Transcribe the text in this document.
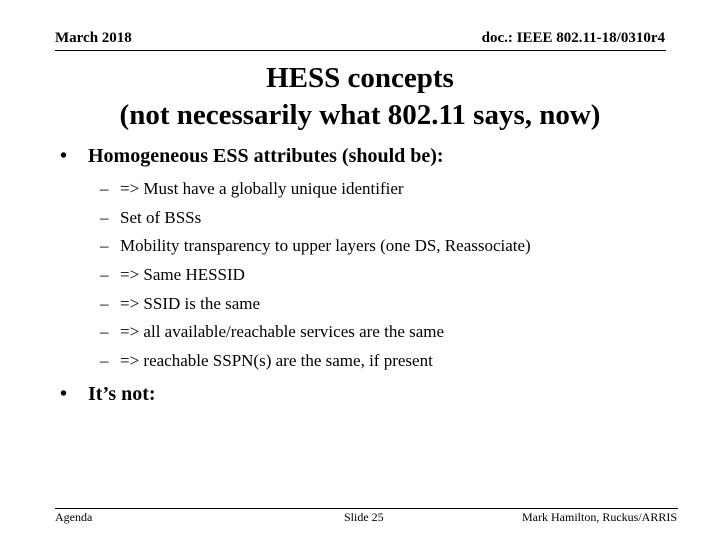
March 2018	doc.: IEEE 802.11-18/0310r4
HESS concepts
(not necessarily what 802.11 says, now)
• Homogeneous ESS attributes (should be):
– => Must have a globally unique identifier
– Set of BSSs
– Mobility transparency to upper layers (one DS, Reassociate)
– => Same HESSID
– => SSID is the same
– => all available/reachable services are the same
– => reachable SSPN(s) are the same, if present
• It’s not:
Agenda	Slide 25	Mark Hamilton, Ruckus/ARRIS
